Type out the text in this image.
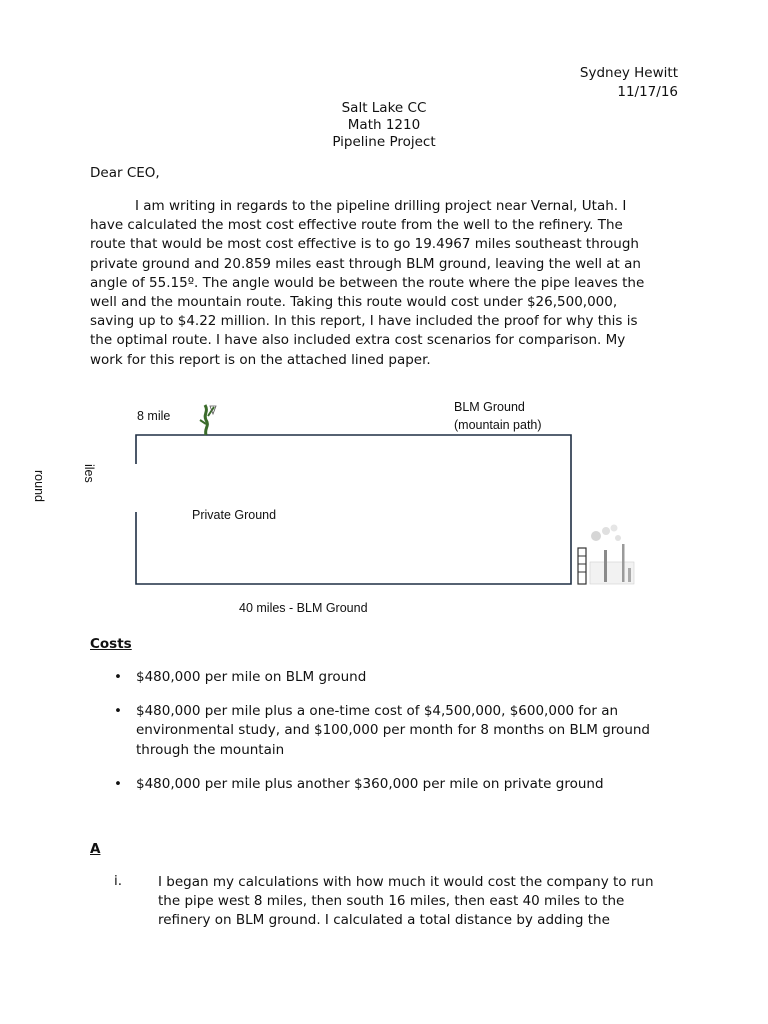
Sydney Hewitt
11/17/16
Salt Lake CC
Math 1210
Pipeline Project
Dear CEO,
I am writing in regards to the pipeline drilling project near Vernal, Utah. I
have calculated the most cost effective route from the well to the refinery. The
route that would be most cost effective is to go 19.4967 miles southeast through
private ground and 20.859 miles east through BLM ground, leaving the well at an
angle of 55.15º. The angle would be between the route where the pipe leaves the
well and the mountain route. Taking this route would cost under $26,500,000,
saving up to $4.22 million. In this report, I have included the proof for why this is
the optimal route. I have also included extra cost scenarios for comparison. My
work for this report is on the attached lined paper.
8 mile
BLM Ground
(mountain path)
round	iles
Private Ground
40 miles - BLM Ground
Costs
• $480,000 per mile on BLM ground
• $480,000 per mile plus a one-time cost of $4,500,000, $600,000 for an
environmental study, and $100,000 per month for 8 months on BLM ground
through the mountain
• $480,000 per mile plus another $360,000 per mile on private ground
A
i.	I began my calculations with how much it would cost the company to run
the pipe west 8 miles, then south 16 miles, then east 40 miles to the
refinery on BLM ground. I calculated a total distance by adding the
